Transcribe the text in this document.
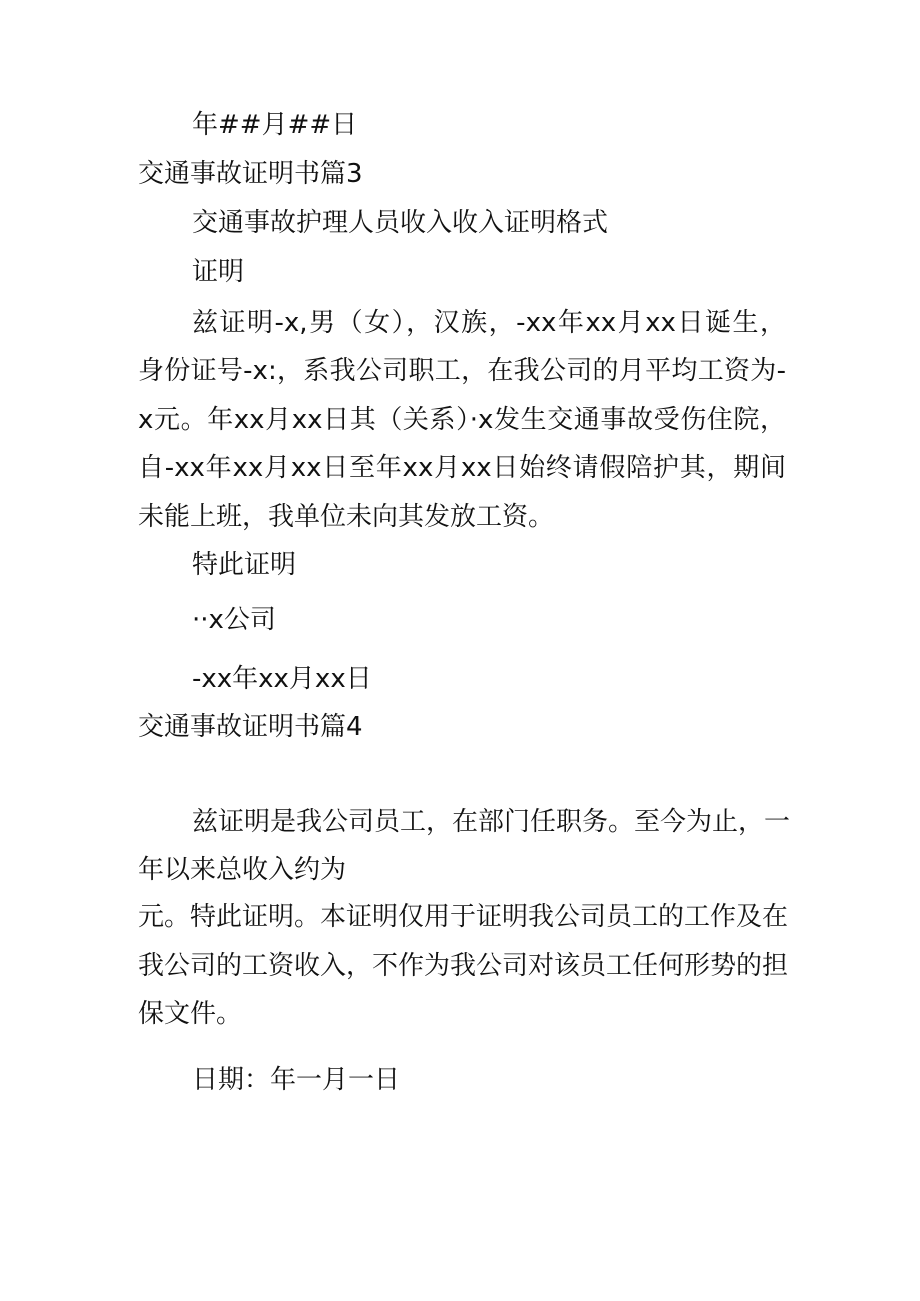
年##月##日

交通事故证明书篇3

交通事故护理人员收入收入证明格式

证明

兹证明-x,男（女），汉族，-xx年xx月xx日诞生，

身份证号-x:，系我公司职工，在我公司的月平均工资为-

x元。年xx月xx日其（关系）·x发生交通事故受伤住院，

自-xx年xx月xx日至年xx月xx日始终请假陪护其，期间

未能上班，我单位未向其发放工资。

特此证明

··x公司

-xx年xx月xx日

交通事故证明书篇4

兹证明是我公司员工，在部门任职务。至今为止，一

年以来总收入约为

元。特此证明。本证明仅用于证明我公司员工的工作及在

我公司的工资收入，不作为我公司对该员工任何形势的担

保文件。

日期：年一月一日
